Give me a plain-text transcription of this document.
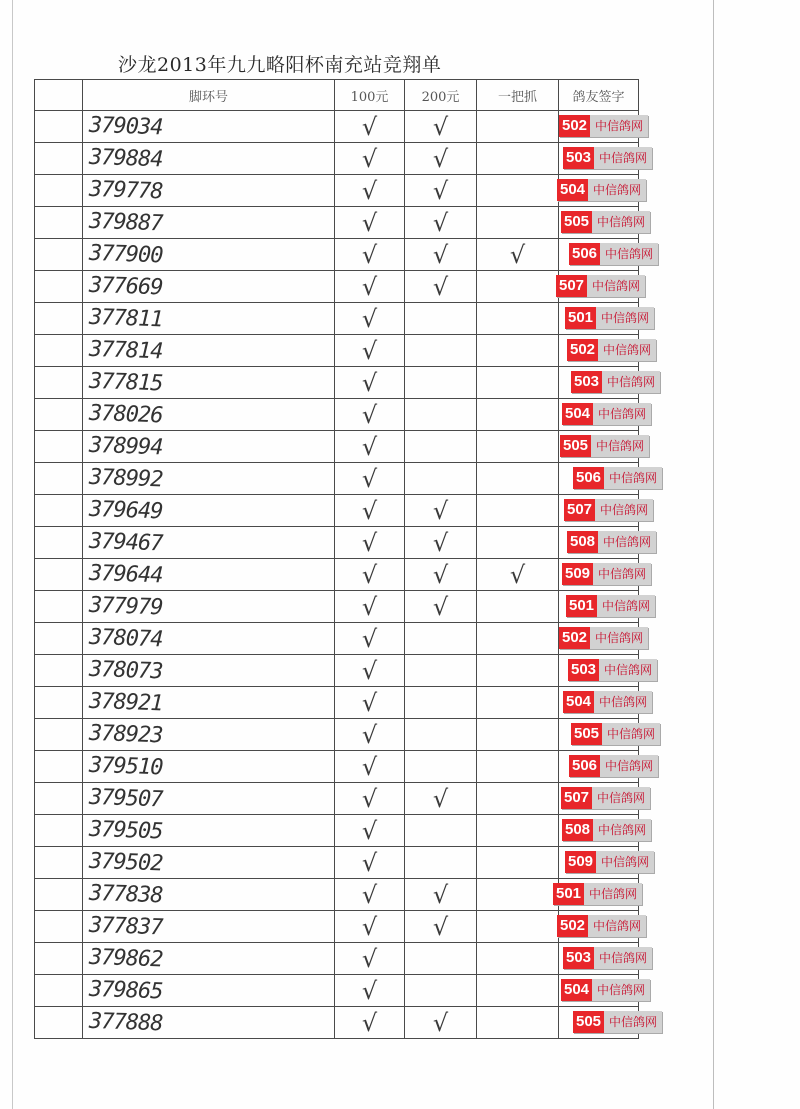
沙龙2013年九九略阳杯南充站竞翔单
	脚环号	100元	200元	一把抓	鸽友签字
	379034	√	√		502 中信鸽网

	379884	√	√		503 中信鸽网

	379778	√	√		504 中信鸽网

	379887	√	√		505 中信鸽网

	377900	√	√	√	506 中信鸽网

	377669	√	√		507 中信鸽网

	377811	√			501 中信鸽网

	377814	√			502 中信鸽网

	377815	√			503 中信鸽网

	378026	√			504 中信鸽网

	378994	√			505 中信鸽网

	378992	√			506 中信鸽网

	379649	√	√		507 中信鸽网

	379467	√	√		508 中信鸽网

	379644	√	√	√	509 中信鸽网

	377979	√	√		501 中信鸽网

	378074	√			502 中信鸽网

	378073	√			503 中信鸽网

	378921	√			504 中信鸽网

	378923	√			505 中信鸽网

	379510	√			506 中信鸽网

	379507	√	√		507 中信鸽网

	379505	√			508 中信鸽网

	379502	√			509 中信鸽网

	377838	√	√		501 中信鸽网

	377837	√	√		502 中信鸽网

	379862	√			503 中信鸽网

	379865	√			504 中信鸽网

	377888	√	√		505 中信鸽网
